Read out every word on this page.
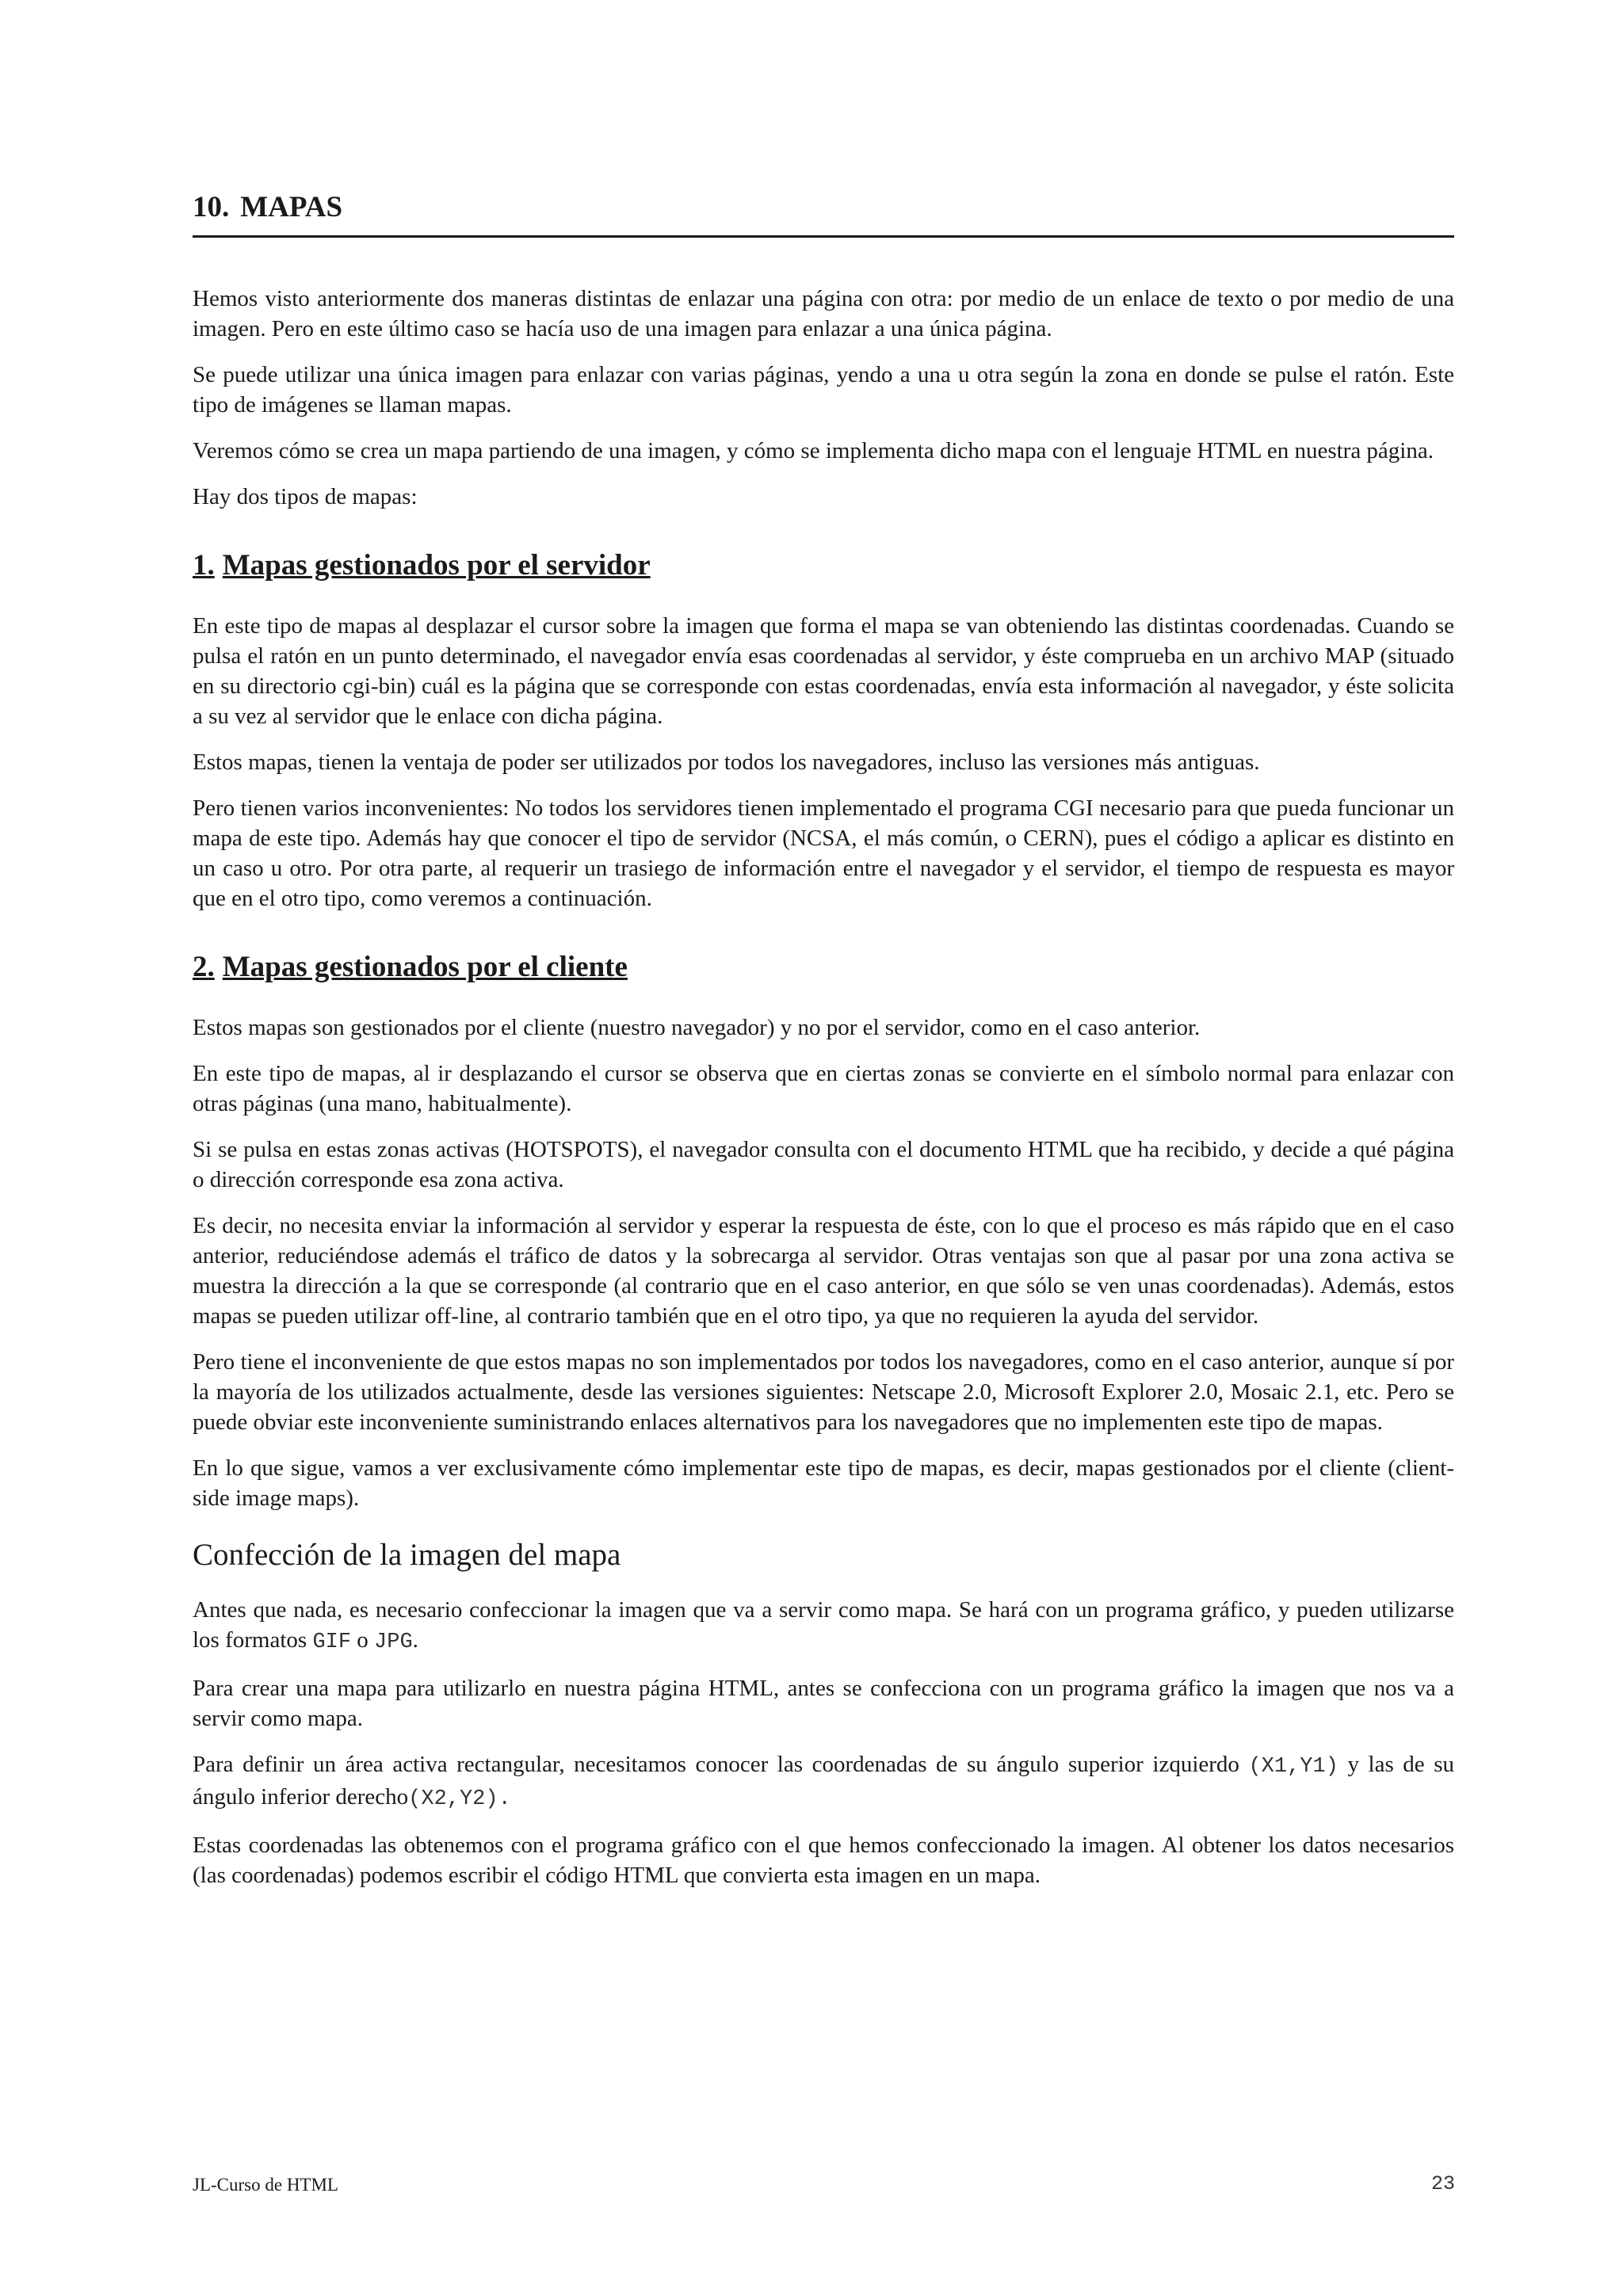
10. MAPAS

Hemos visto anteriormente dos maneras distintas de enlazar una página con otra: por medio de un enlace de texto o por medio de una imagen. Pero en este último caso se hacía uso de una imagen para enlazar a una única página.

Se puede utilizar una única imagen para enlazar con varias páginas, yendo a una u otra según la zona en donde se pulse el ratón. Este tipo de imágenes se llaman mapas.

Veremos cómo se crea un mapa partiendo de una imagen, y cómo se implementa dicho mapa con el lenguaje HTML en nuestra página.

Hay dos tipos de mapas:

1. Mapas gestionados por el servidor

En este tipo de mapas al desplazar el cursor sobre la imagen que forma el mapa se van obteniendo las distintas coordenadas. Cuando se pulsa el ratón en un punto determinado, el navegador envía esas coordenadas al servidor, y éste comprueba en un archivo MAP (situado en su directorio cgi-bin) cuál es la página que se corresponde con estas coordenadas, envía esta información al navegador, y éste solicita a su vez al servidor que le enlace con dicha página.

Estos mapas, tienen la ventaja de poder ser utilizados por todos los navegadores, incluso las versiones más antiguas.

Pero tienen varios inconvenientes: No todos los servidores tienen implementado el programa CGI necesario para que pueda funcionar un mapa de este tipo. Además hay que conocer el tipo de servidor (NCSA, el más común, o CERN), pues el código a aplicar es distinto en un caso u otro. Por otra parte, al requerir un trasiego de información entre el navegador y el servidor, el tiempo de respuesta es mayor que en el otro tipo, como veremos a continuación.

2. Mapas gestionados por el cliente

Estos mapas son gestionados por el cliente (nuestro navegador) y no por el servidor, como en el caso anterior.

En este tipo de mapas, al ir desplazando el cursor se observa que en ciertas zonas se convierte en el símbolo normal para enlazar con otras páginas (una mano, habitualmente).

Si se pulsa en estas zonas activas (HOTSPOTS), el navegador consulta con el documento HTML que ha recibido, y decide a qué página o dirección corresponde esa zona activa.

Es decir, no necesita enviar la información al servidor y esperar la respuesta de éste, con lo que el proceso es más rápido que en el caso anterior, reduciéndose además el tráfico de datos y la sobrecarga al servidor. Otras ventajas son que al pasar por una zona activa se muestra la dirección a la que se corresponde (al contrario que en el caso anterior, en que sólo se ven unas coordenadas). Además, estos mapas se pueden utilizar off-line, al contrario también que en el otro tipo, ya que no requieren la ayuda del servidor.

Pero tiene el inconveniente de que estos mapas no son implementados por todos los navegadores, como en el caso anterior, aunque sí por la mayoría de los utilizados actualmente, desde las versiones siguientes: Netscape 2.0, Microsoft Explorer 2.0, Mosaic 2.1, etc. Pero se puede obviar este inconveniente suministrando enlaces alternativos para los navegadores que no implementen este tipo de mapas.

En lo que sigue, vamos a ver exclusivamente cómo implementar este tipo de mapas, es decir, mapas gestionados por el cliente (client-side image maps).

Confección de la imagen del mapa

Antes que nada, es necesario confeccionar la imagen que va a servir como mapa. Se hará con un programa gráfico, y pueden utilizarse los formatos GIF o JPG.

Para crear una mapa para utilizarlo en nuestra página HTML, antes se confecciona con un programa gráfico la imagen que nos va a servir como mapa.

Para definir un área activa rectangular, necesitamos conocer las coordenadas de su ángulo superior izquierdo (X1,Y1) y las de su ángulo inferior derecho(X2,Y2).

Estas coordenadas las obtenemos con el programa gráfico con el que hemos confeccionado la imagen. Al obtener los datos necesarios (las coordenadas) podemos escribir el código HTML que convierta esta imagen en un mapa.

JL-Curso de HTML	23
